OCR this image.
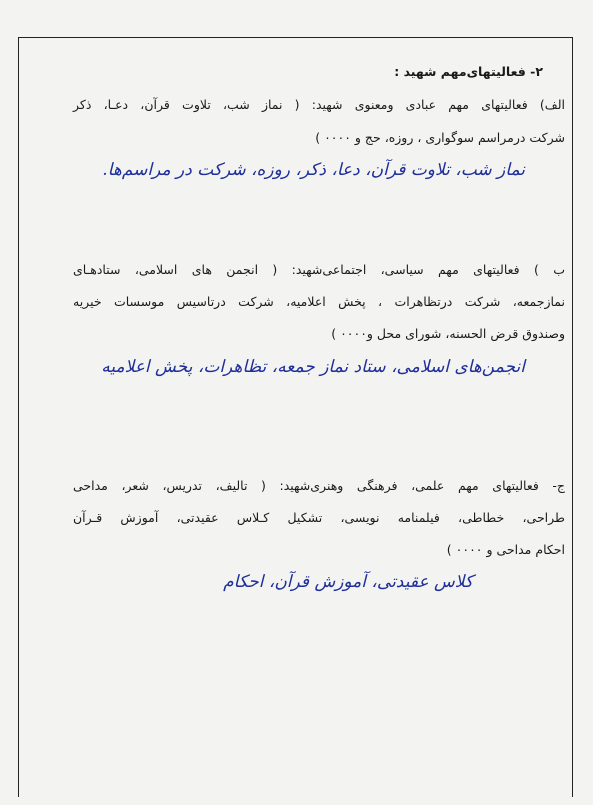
۲- فعالیتهای‌مهم شهید :
الف) فعالیتهای مهم عبادی ومعنوی شهید: ( نماز شب، تلاوت قرآن، دعـا، ذکر
شرکت درمراسم سوگواری ، روزه، حج و ۰۰۰۰ )
نماز شب، تلاوت قرآن، دعا، ذکر، روزه، شرکت در مراسم‌ها.
ب ) فعالیتهای مهم سیاسی، اجتماعی‌شهید: ( انجمن های اسلامی، ستادهـای
نمازجمعه، شرکت درتظاهرات ، پخش اعلامیه، شرکت درتاسیس موسسات خیریه
وصندوق قرض الحسنه، شورای محل و۰۰۰۰ )
انجمن‌های اسلامی، ستاد نماز جمعه، تظاهرات، پخش اعلامیه
ج- فعالیتهای مهم علمی، فرهنگی وهنری‌شهید: ( تالیف، تدریس، شعر، مداحی
طراحی، خطاطی، فیلمنامه نویسی، تشکیل کـلاس عقیدتی، آموزش قـرآن
احکام مداحی و ۰۰۰۰ )
کلاس عقیدتی، آموزش قرآن، احکام
